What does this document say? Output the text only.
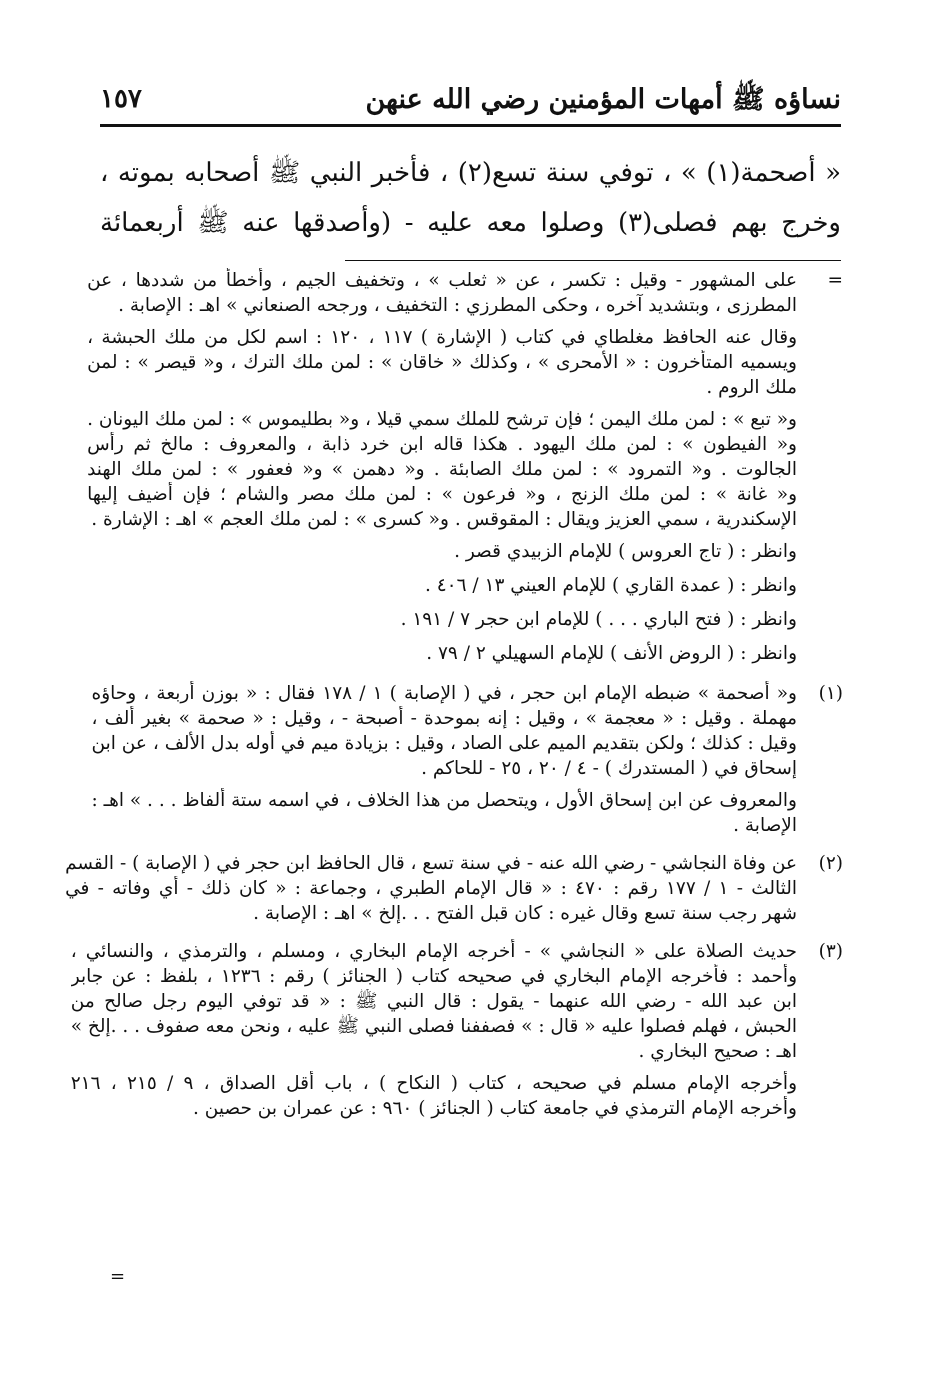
نساؤه ﷺ أمهات المؤمنين رضي الله عنهن
١٥٧
« أصحمة(١) » ، توفي سنة تسع(٢) ، فأخبر النبي ﷺ أصحابه بموته ،
وخرج بهم فصلى(٣) وصلوا معه عليه - (وأصدقها عنه ﷺ أربعمائة
=
على المشهور - وقيل : تكسر ، عن « ثعلب » ، وتخفيف الجيم ، وأخطأ من شددها ، عن
المطرزى ، وبتشديد آخره ، وحكى المطرزي : التخفيف ، ورجحه الصنعاني » اهـ : الإصابة .
وقال عنه الحافظ مغلطاي في كتاب ( الإشارة ) ١١٧ ، ١٢٠ : اسم لكل من ملك الحبشة ،
ويسميه المتأخرون : « الأمحرى » ، وكذلك « خاقان » : لمن ملك الترك ، و« قيصر » : لمن
ملك الروم .
و« تبع » : لمن ملك اليمن ؛ فإن ترشح للملك سمي قيلا ، و« بطليموس » : لمن ملك اليونان .
و« الفيطون » : لمن ملك اليهود . هكذا قاله ابن خرد ذابة ، والمعروف : مالخ ثم رأس
الجالوت . و« التمرود » : لمن ملك الصابئة . و« دهمن » و« فعفور » : لمن ملك الهند
و« غانة » : لمن ملك الزنج ، و« فرعون » : لمن ملك مصر والشام ؛ فإن أضيف إليها
الإسكندرية ، سمي العزيز ويقال : المقوقس . و« كسرى » : لمن ملك العجم » اهـ : الإشارة .
وانظر : ( تاج العروس ) للإمام الزبيدي قصر .
وانظر : ( عمدة القاري ) للإمام العيني ١٣ / ٤٠٦ .
وانظر : ( فتح الباري . . . ) للإمام ابن حجر ٧ / ١٩١ .
وانظر : ( الروض الأنف ) للإمام السهيلي ٢ / ٧٩ .
(١)
و« أصحمة » ضبطه الإمام ابن حجر ، في ( الإصابة ) ١ / ١٧٨ فقال : « بوزن أربعة ، وحاؤه
مهملة . وقيل : « معجمة » ، وقيل : إنه بموحدة - أصبحة - ، وقيل : « صحمة » بغير ألف ،
وقيل : كذلك ؛ ولكن بتقديم الميم على الصاد ، وقيل : بزيادة ميم في أوله بدل الألف ، عن ابن
إسحاق في ( المستدرك ) - ٤ / ٢٠ ، ٢٥ - للحاكم .
والمعروف عن ابن إسحاق الأول ، ويتحصل من هذا الخلاف ، في اسمه ستة ألفاظ . . . » اهـ :
الإصابة .
(٢)
عن وفاة النجاشي - رضي الله عنه - في سنة تسع ، قال الحافظ ابن حجر في ( الإصابة ) - القسم
الثالث - ١ / ١٧٧ رقم : ٤٧٠ : « قال الإمام الطبري ، وجماعة : « كان ذلك - أي وفاته - في
شهر رجب سنة تسع وقال غيره : كان قبل الفتح . . .إلخ » اهـ : الإصابة .
(٣)
حديث الصلاة على « النجاشي » - أخرجه الإمام البخاري ، ومسلم ، والترمذي ، والنسائي ،
وأحمد : فأخرجه الإمام البخاري في صحيحه كتاب ( الجنائز ) رقم : ١٢٣٦ ، بلفظ : عن جابر
ابن عبد الله - رضي الله عنهما - يقول : قال النبي ﷺ : « قد توفي اليوم رجل صالح من
الحبش ، فهلم فصلوا عليه « قال : » فصففنا فصلى النبي ﷺ عليه ، ونحن معه صفوف . . .إلخ »
اهـ : صحيح البخاري .
وأخرجه الإمام مسلم في صحيحه ، كتاب ( النكاح ) ، باب أقل الصداق ، ٩ / ٢١٥ ، ٢١٦
وأخرجه الإمام الترمذي في جامعة كتاب ( الجنائز ) ٩٦٠ : عن عمران بن حصين .
=
